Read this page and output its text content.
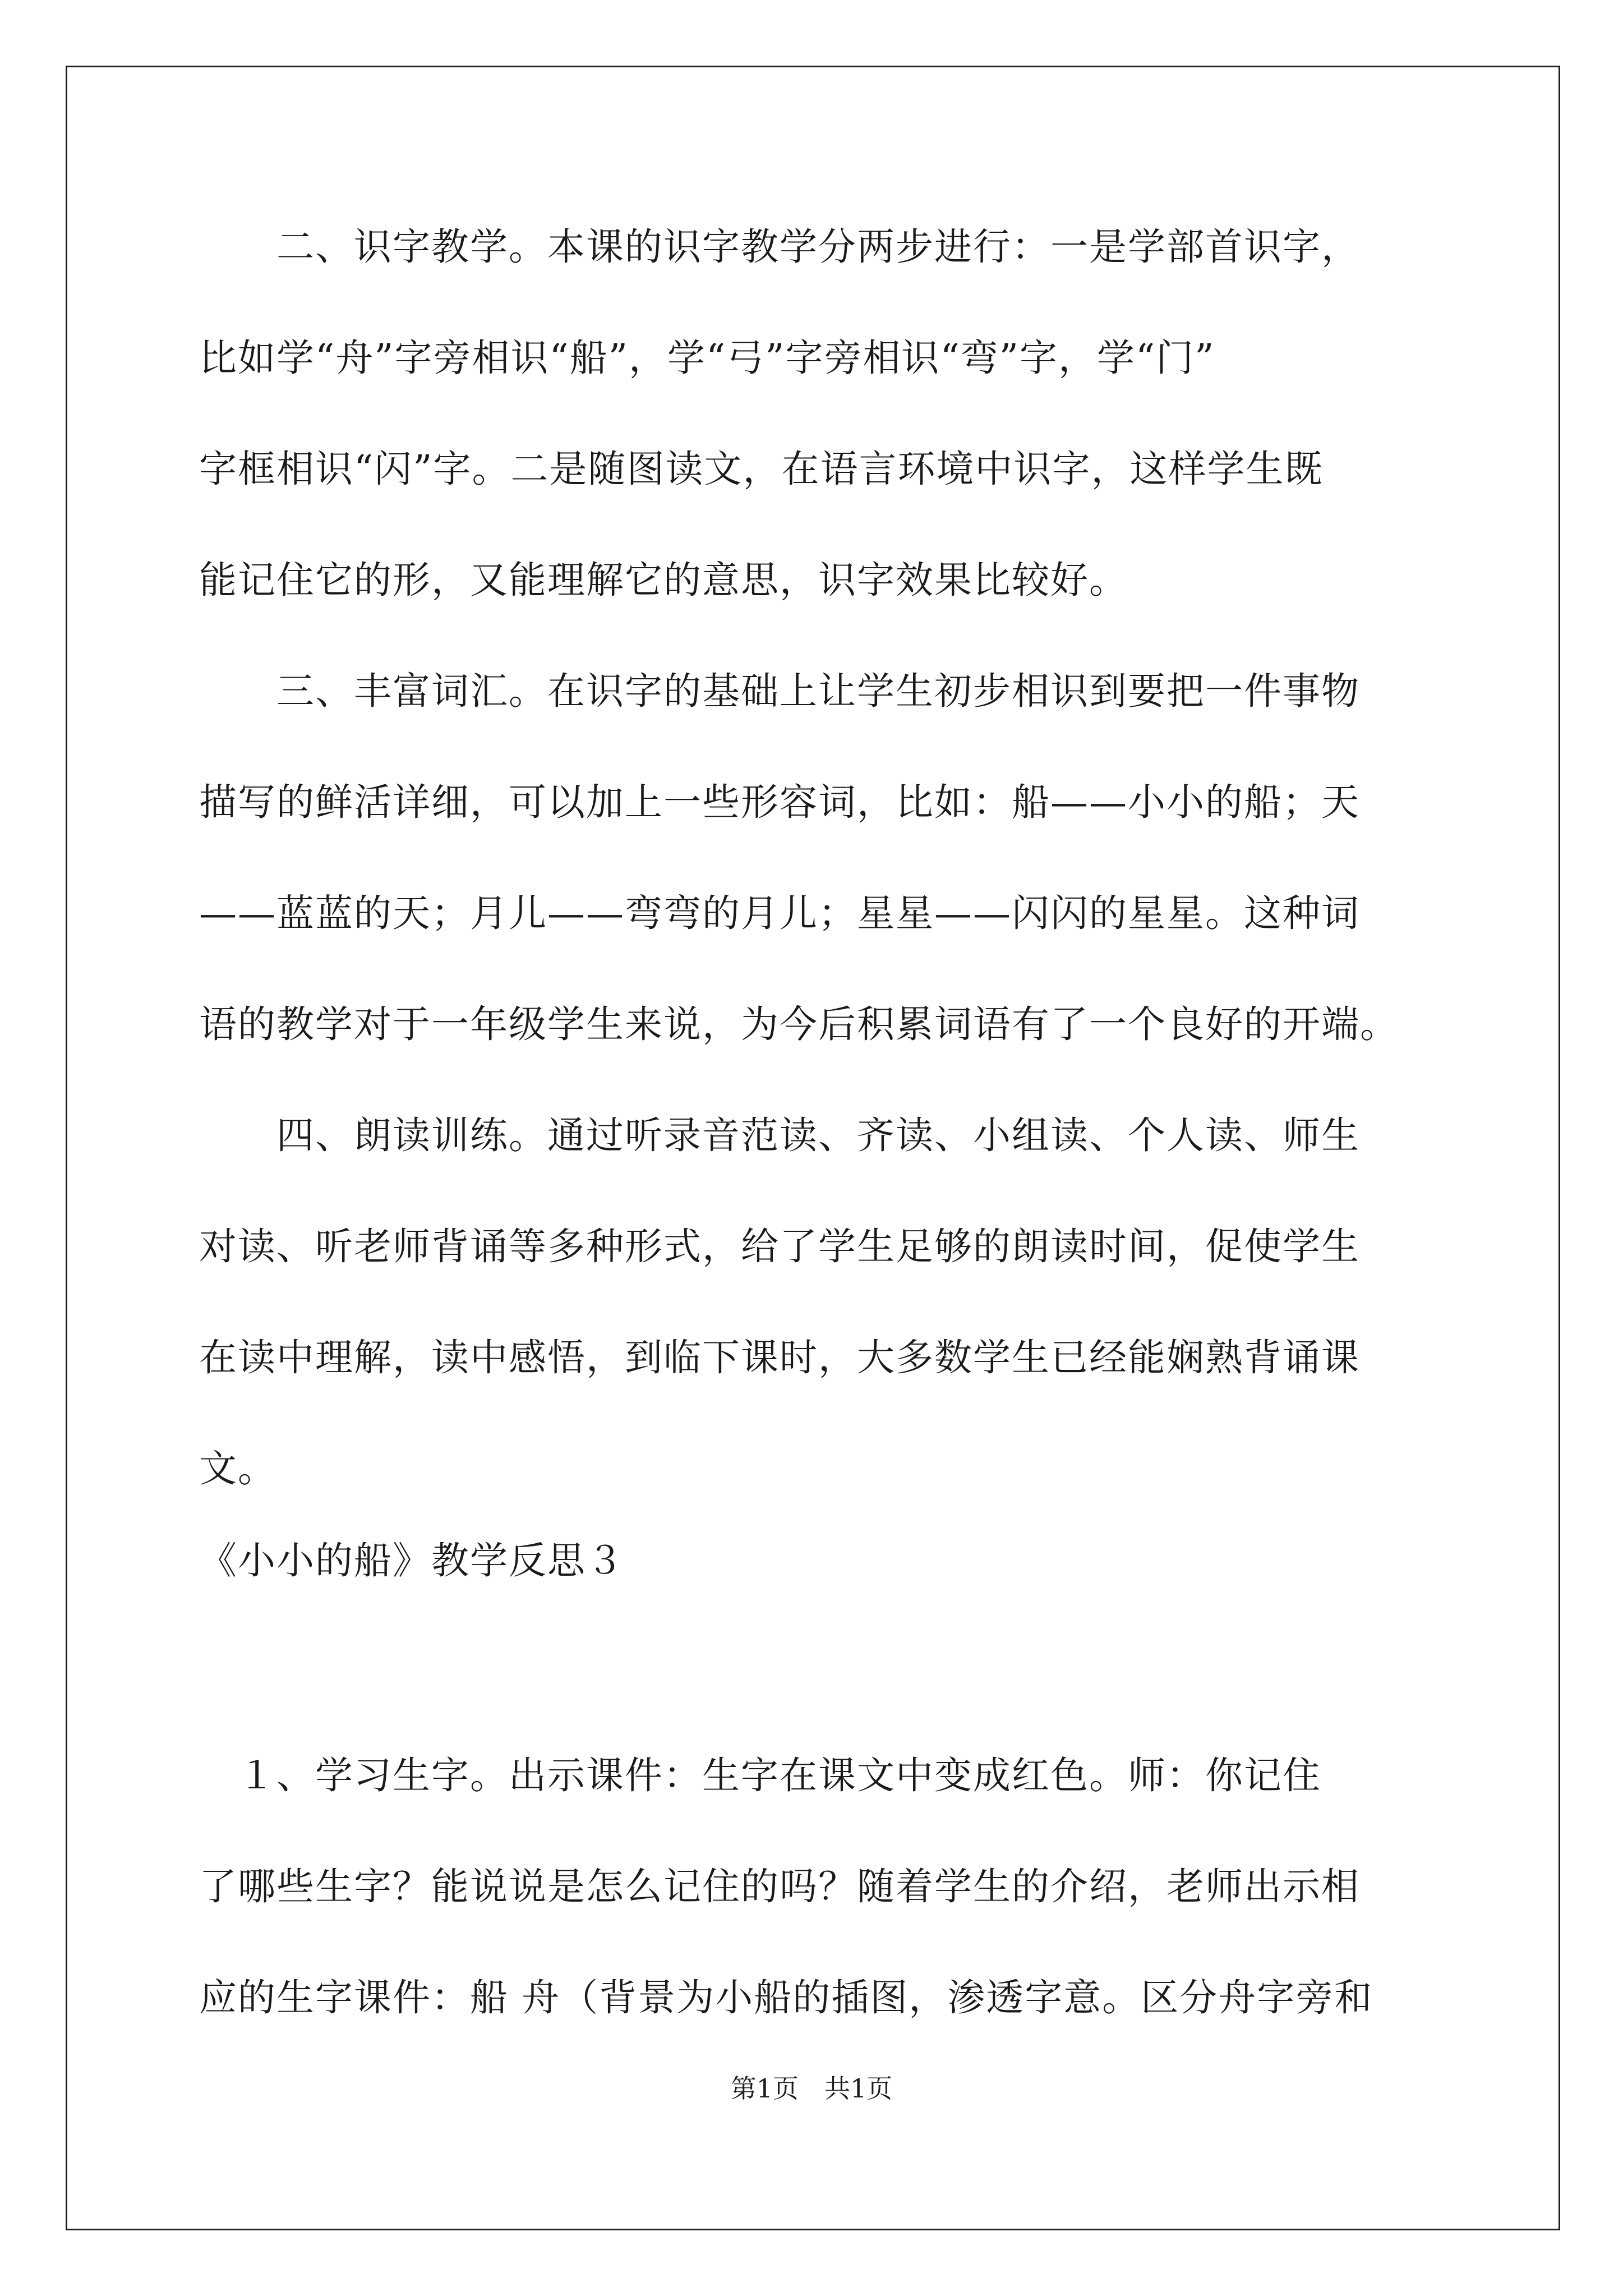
　　二、识字教学。本课的识字教学分两步进行：一是学部首识字，
比如学“舟”字旁相识“船”，学“弓”字旁相识“弯”字，学“门”
字框相识“闪”字。二是随图读文，在语言环境中识字，这样学生既
能记住它的形，又能理解它的意思，识字效果比较好。
　　三、丰富词汇。在识字的基础上让学生初步相识到要把一件事物
描写的鲜活详细，可以加上一些形容词，比如：船——小小的船；天
——蓝蓝的天；月儿——弯弯的月儿；星星——闪闪的星星。这种词
语的教学对于一年级学生来说，为今后积累词语有了一个良好的开端。
　　四、朗读训练。通过听录音范读、齐读、小组读、个人读、师生
对读、听老师背诵等多种形式，给了学生足够的朗读时间，促使学生
在读中理解，读中感悟，到临下课时，大多数学生已经能娴熟背诵课
文。
《小小的船》教学反思３
　１、学习生字。出示课件：生字在课文中变成红色。师：你记住
了哪些生字？能说说是怎么记住的吗？随着学生的介绍，老师出示相
应的生字课件：船 舟（背景为小船的插图，渗透字意。区分舟字旁和
第1页　共1页
